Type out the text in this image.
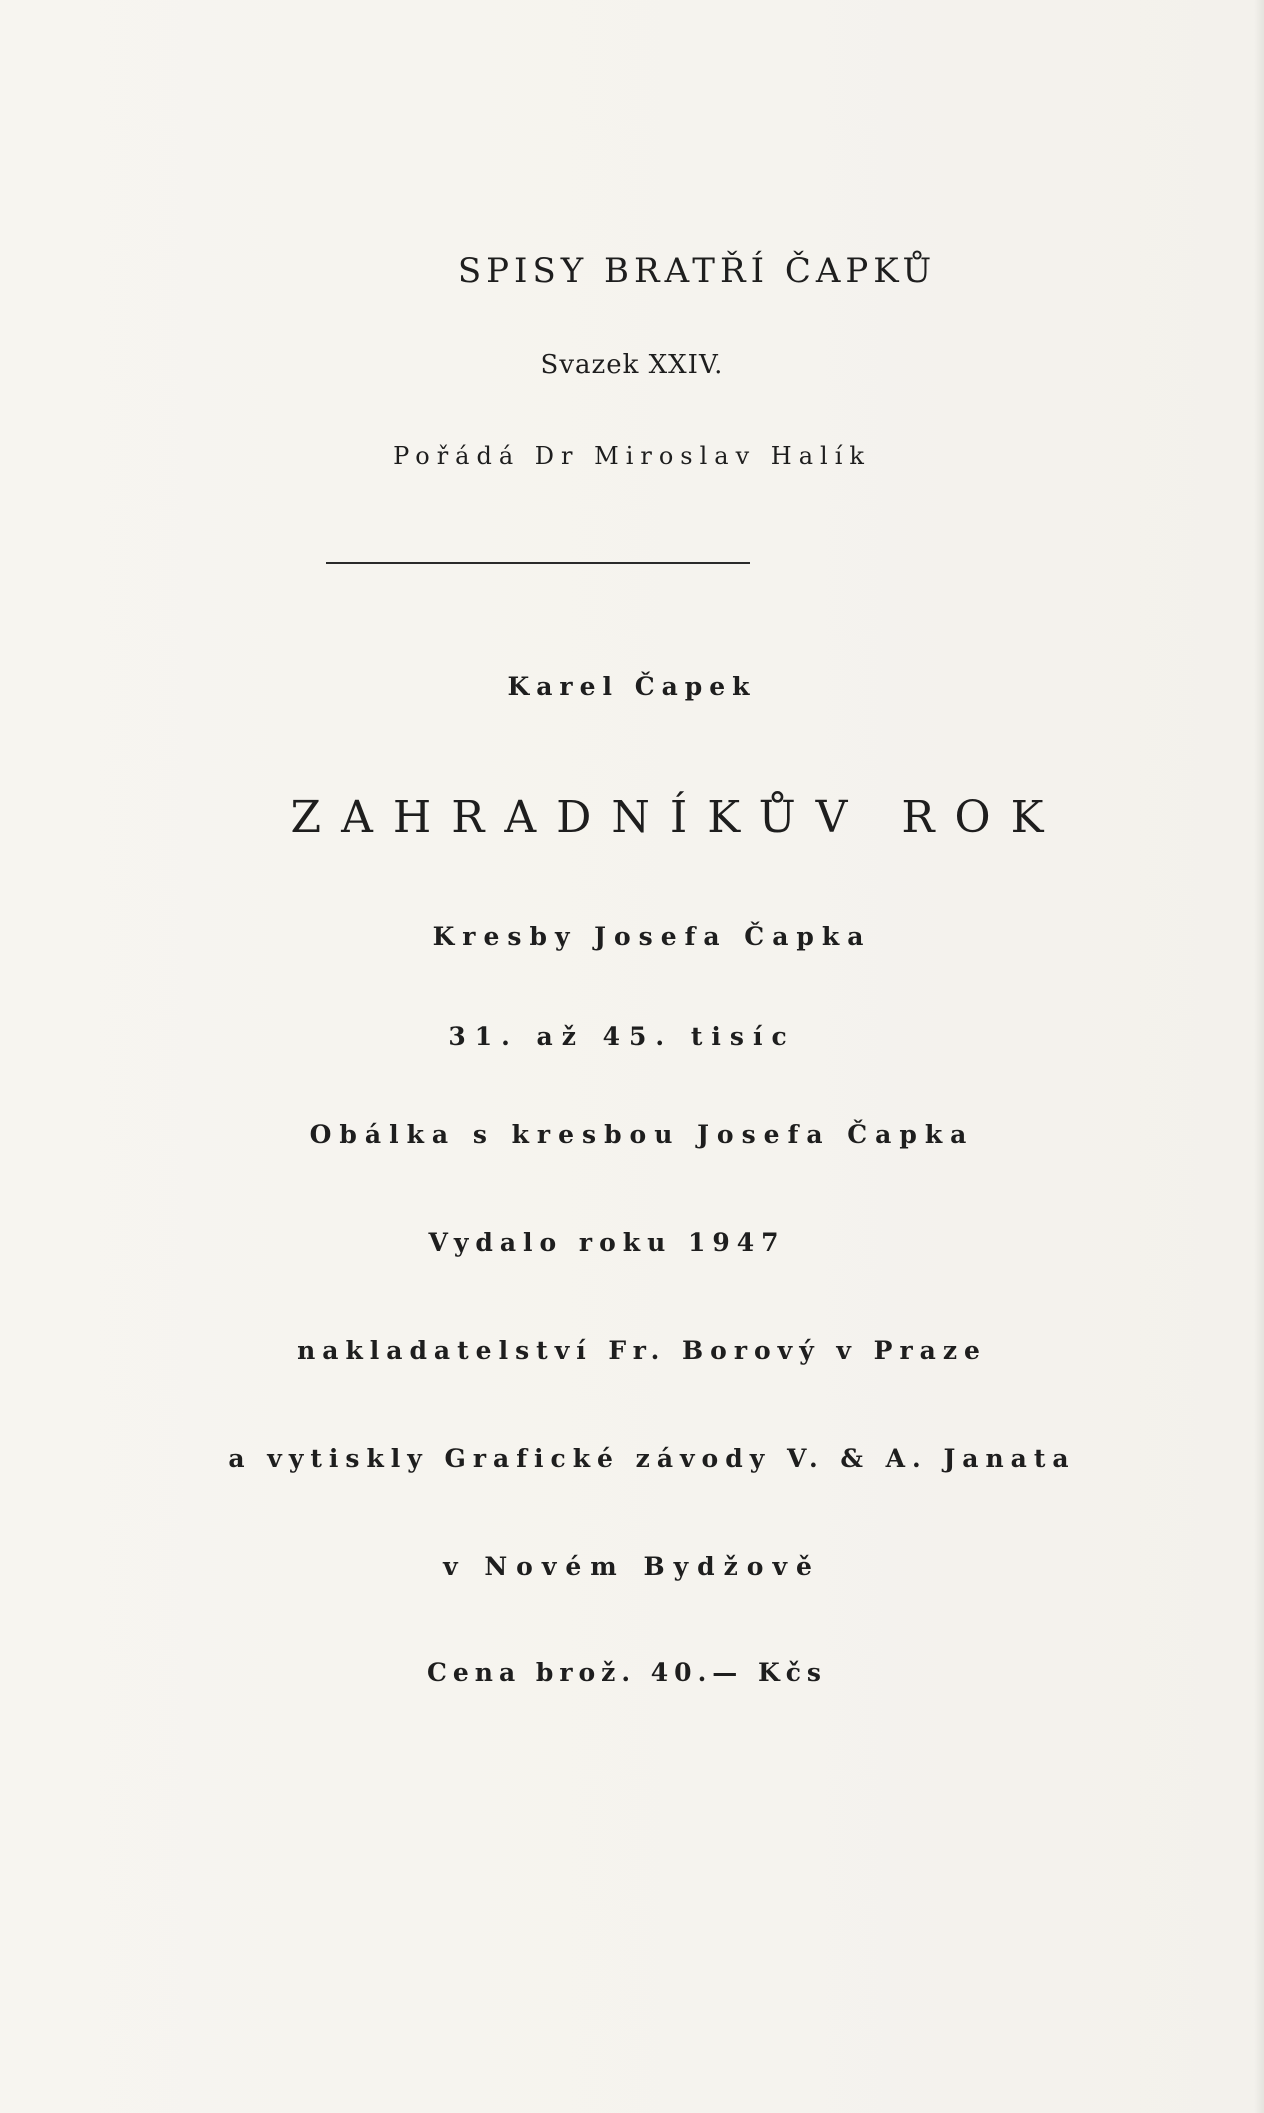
SPISY BRATŘÍ ČAPKŮ
Svazek XXIV.
Pořádá Dr Miroslav Halík
Karel Čapek
ZAHRADNÍKŮV ROK
Kresby Josefa Čapka
31. až 45. tisíc
Obálka s kresbou Josefa Čapka
Vydalo roku 1947
nakladatelství Fr. Borový v Praze
a vytiskly Grafické závody V. & A. Janata
v Novém Bydžově
Cena brož. 40.— Kčs
